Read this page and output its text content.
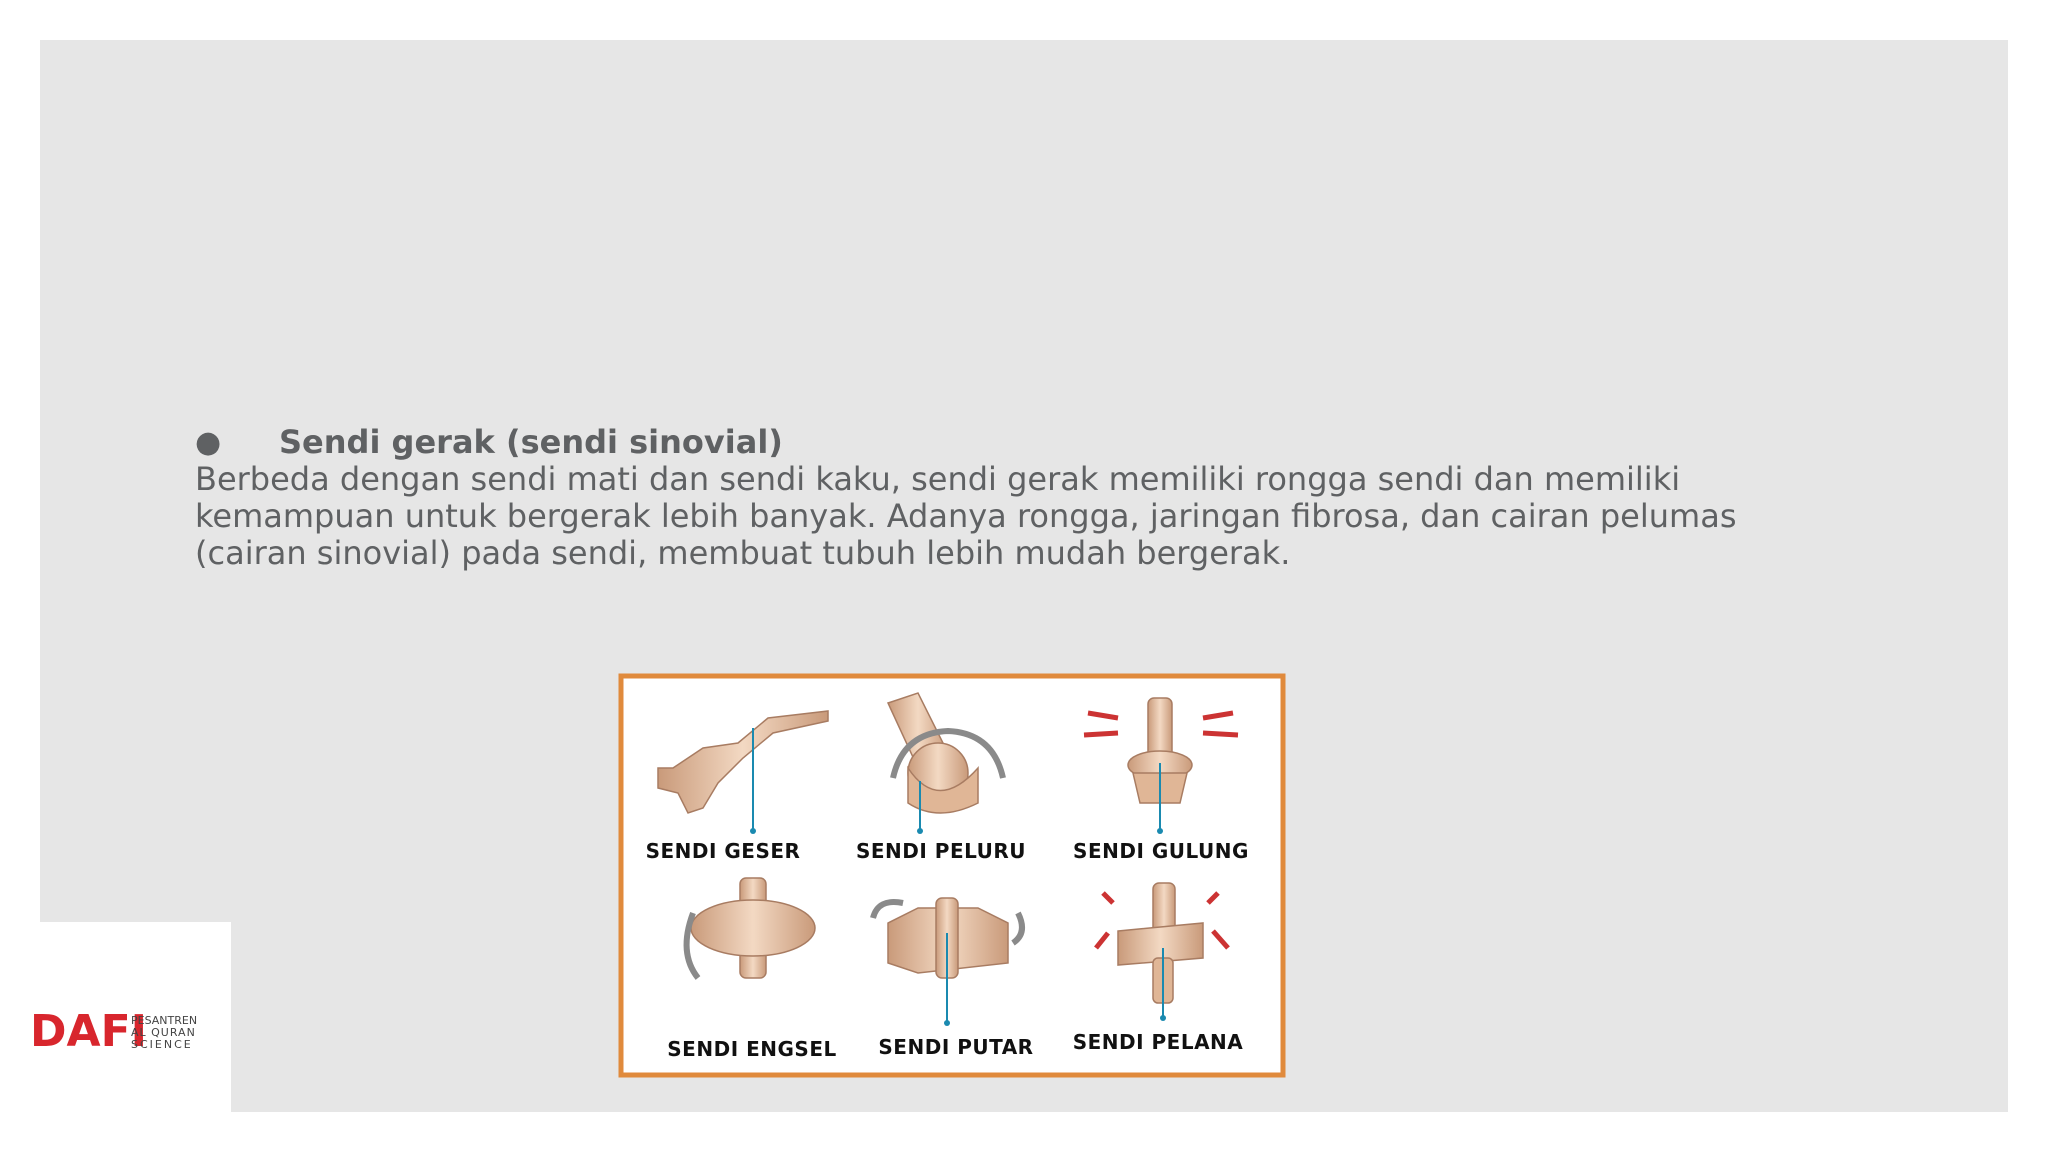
●	Sendi gerak (sendi sinovial)

Berbeda dengan sendi mati dan sendi kaku, sendi gerak memiliki rongga sendi dan memiliki

kemampuan untuk bergerak lebih banyak. Adanya rongga, jaringan fibrosa, dan cairan pelumas

(cairan sinovial) pada sendi, membuat tubuh lebih mudah bergerak.

SENDI GESER	SENDI PELURU SENDI GULUNG
SENDI ENGSEL SENDI PUTAR SENDI PELANA
DAFI
PESANTREN
AL QURAN
SCIENCE
